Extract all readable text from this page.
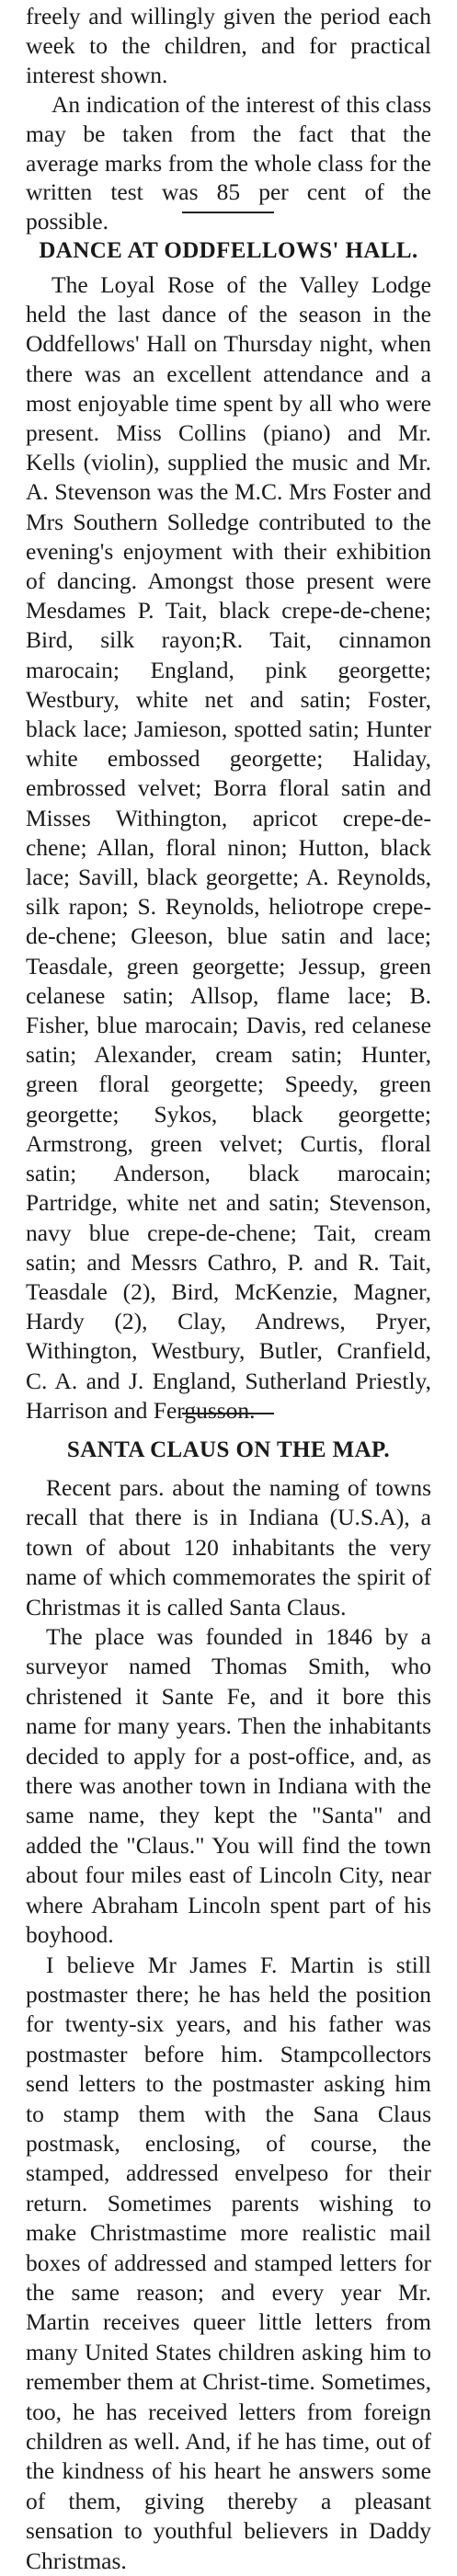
freely and willingly given the period each week to the children, and for practical interest shown.

An indication of the interest of this class may be taken from the fact that the average marks from the whole class for the written test was 85 per cent of the possible.

DANCE AT ODDFELLOWS' HALL.

The Loyal Rose of the Valley Lodge held the last dance of the season in the Oddfellows' Hall on Thursday night, when there was an excellent attendance and a most enjoyable time spent by all who were present. Miss Collins (piano) and Mr. Kells (violin), supplied the music and Mr. A. Stevenson was the M.C. Mrs Foster and Mrs Southern Solledge contributed to the evening's enjoyment with their exhibition of dancing. Amongst those present were Mesdames P. Tait, black crepe-de-chene; Bird, silk rayon;R. Tait, cinnamon marocain; England, pink georgette; Westbury, white net and satin; Foster, black lace; Jamieson, spotted satin; Hunter white embossed georgette; Haliday, embrossed velvet; Borra floral satin and Misses Withington, apricot crepe-de-chene; Allan, floral ninon; Hutton, black lace; Savill, black georgette; A. Reynolds, silk rapon; S. Reynolds, heliotrope crepe-de-chene; Gleeson, blue satin and lace; Teasdale, green georgette; Jessup, green celanese satin; Allsop, flame lace; B. Fisher, blue marocain; Davis, red celanese satin; Alexander, cream satin; Hunter, green floral georgette; Speedy, green georgette; Sykos, black georgette; Armstrong, green velvet; Curtis, floral satin; Anderson, black marocain; Partridge, white net and satin; Stevenson, navy blue crepe-de-chene; Tait, cream satin; and Messrs Cathro, P. and R. Tait, Teasdale (2), Bird, McKenzie, Magner, Hardy (2), Clay, Andrews, Pryer, Withington, Westbury, Butler, Cranfield, C. A. and J. England, Sutherland Priestly, Harrison and Fergusson.

SANTA CLAUS ON THE MAP.

Recent pars. about the naming of towns recall that there is in Indiana (U.S.A), a town of about 120 inhabitants the very name of which commemorates the spirit of Christmas it is called Santa Claus.

The place was founded in 1846 by a surveyor named Thomas Smith, who christened it Sante Fe, and it bore this name for many years. Then the inhabitants decided to apply for a post-office, and, as there was another town in Indiana with the same name, they kept the "Santa" and added the "Claus." You will find the town about four miles east of Lincoln City, near where Abraham Lincoln spent part of his boyhood.

I believe Mr James F. Martin is still postmaster there; he has held the position for twenty-six years, and his father was postmaster before him. Stampcollectors send letters to the postmaster asking him to stamp them with the Sana Claus postmask, enclosing, of course, the stamped, addressed envelpeso for their return. Sometimes parents wishing to make Christmastime more realistic mail boxes of addressed and stamped letters for the same reason; and every year Mr. Martin receives queer little letters from many United States children asking him to remember them at Christ-time. Sometimes, too, he has received letters from foreign children as well. And, if he has time, out of the kindness of his heart he answers some of them, giving thereby a pleasant sensation to youthful believers in Daddy Christmas.
